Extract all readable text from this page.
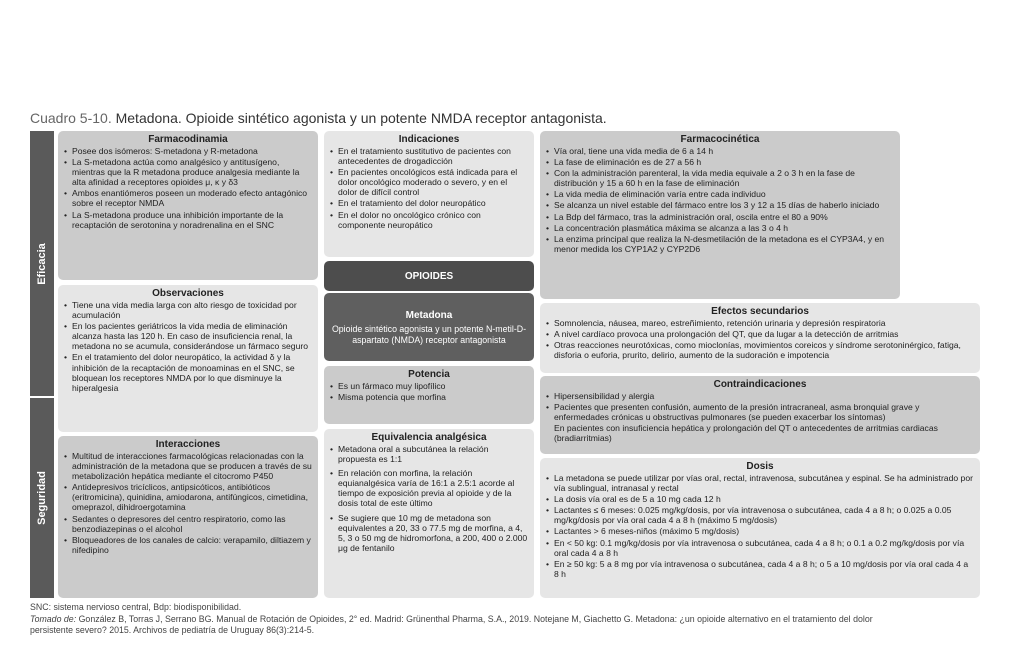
Cuadro 5-10. Metadona. Opioide sintético agonista y un potente NMDA receptor antagonista.
Eficacia
Seguridad
Farmacodinamia
• Posee dos isómeros: S-metadona y R-metadona
• La S-metadona actúa como analgésico y antitusígeno, mientras que la R metadona produce analgesia mediante la alta afinidad a receptores opioides μ, κ y δ3
• Ambos enantiómeros poseen un moderado efecto antagónico sobre el receptor NMDA
• La S-metadona produce una inhibición importante de la recaptación de serotonina y noradrenalina en el SNC
Observaciones
• Tiene una vida media larga con alto riesgo de toxicidad por acumulación
• En los pacientes geriátricos la vida media de eliminación alcanza hasta las 120 h. En caso de insuficiencia renal, la metadona no se acumula, considerándose un fármaco seguro
• En el tratamiento del dolor neuropático, la actividad δ y la inhibición de la recaptación de monoaminas en el SNC, se bloquean los receptores NMDA por lo que disminuye la hiperalgesia
Interacciones
• Multitud de interacciones farmacológicas relacionadas con la administración de la metadona que se producen a través de su metabolización hepática mediante el citocromo P450
• Antidepresivos tricíclicos, antipsicóticos, antibióticos (eritromicina), quinidina, amiodarona, antifúngicos, cimetidina, omeprazol, dihidroergotamina
• Sedantes o depresores del centro respiratorio, como las benzodiazepinas o el alcohol
• Bloqueadores de los canales de calcio: verapamilo, diltiazem y nifedipino
Indicaciones
• En el tratamiento sustitutivo de pacientes con antecedentes de drogadicción
• En pacientes oncológicos está indicada para el dolor oncológico moderado o severo, y en el dolor de difícil control
• En el tratamiento del dolor neuropático
• En el dolor no oncológico crónico con componente neuropático
OPIOIDES
Metadona

Opioide sintético agonista y un potente N-metil-D-aspartato (NMDA) receptor antagonista

Potencia
• Es un fármaco muy lipofílico
• Misma potencia que morfina
Equivalencia analgésica
• Metadona oral a subcutánea la relación propuesta es 1:1
• En relación con morfina, la relación equianalgésica varía de 16:1 a 2.5:1 acorde al tiempo de exposición previa al opioide y de la dosis total de este último
• Se sugiere que 10 mg de metadona son equivalentes a 20, 33 o 77.5 mg de morfina, a 4, 5, 3 o 50 mg de hidromorfona, a 200, 400 o 2.000 μg de fentanilo
Farmacocinética
• Vía oral, tiene una vida media de 6 a 14 h
• La fase de eliminación es de 27 a 56 h
• Con la administración parenteral, la vida media equivale a 2 o 3 h en la fase de distribución y 15 a 60 h en la fase de eliminación
• La vida media de eliminación varía entre cada individuo
• Se alcanza un nivel estable del fármaco entre los 3 y 12 a 15 días de haberlo iniciado
• La Bdp del fármaco, tras la administración oral, oscila entre el 80 a 90%
• La concentración plasmática máxima se alcanza a las 3 o 4 h
• La enzima principal que realiza la N-desmetilación de la metadona es el CYP3A4, y en menor medida los CYP1A2 y CYP2D6
Efectos secundarios
• Somnolencia, náusea, mareo, estreñimiento, retención urinaria y depresión respiratoria
• A nivel cardíaco provoca una prolongación del QT, que da lugar a la detección de arritmias
• Otras reacciones neurotóxicas, como mioclonías, movimientos coreicos y síndrome serotoninérgico, fatiga, disforia o euforia, prurito, delirio, aumento de la sudoración e impotencia
Contraindicaciones
• Hipersensibilidad y alergia
• Pacientes que presenten confusión, aumento de la presión intracraneal, asma bronquial grave y enfermedades crónicas u obstructivas pulmonares (se pueden exacerbar los síntomas)
En pacientes con insuficiencia hepática y prolongación del QT o antecedentes de arritmias cardiacas (bradiarritmias)
Dosis
• La metadona se puede utilizar por vías oral, rectal, intravenosa, subcutánea y espinal. Se ha administrado por vía sublingual, intranasal y rectal
• La dosis vía oral es de 5 a 10 mg cada 12 h
• Lactantes ≤ 6 meses: 0.025 mg/kg/dosis, por vía intravenosa o subcutánea, cada 4 a 8 h; o 0.025 a 0.05 mg/kg/dosis por vía oral cada 4 a 8 h (máximo 5 mg/dosis)
• Lactantes > 6 meses-niños (máximo 5 mg/dosis)
• En < 50 kg: 0.1 mg/kg/dosis por vía intravenosa o subcutánea, cada 4 a 8 h; o 0.1 a 0.2 mg/kg/dosis por vía oral cada 4 a 8 h
• En ≥ 50 kg: 5 a 8 mg por vía intravenosa o subcutánea, cada 4 a 8 h; o 5 a 10 mg/dosis por vía oral cada 4 a 8 h

SNC: sistema nervioso central, Bdp: biodisponibilidad.

Tomado de: González B, Torras J, Serrano BG. Manual de Rotación de Opioides, 2° ed. Madrid: Grünenthal Pharma, S.A., 2019. Notejane M, Giachetto G. Metadona: ¿un opioide alternativo en el tratamiento del dolor persistente severo? 2015. Archivos de pediatría de Uruguay 86(3):214-5.
